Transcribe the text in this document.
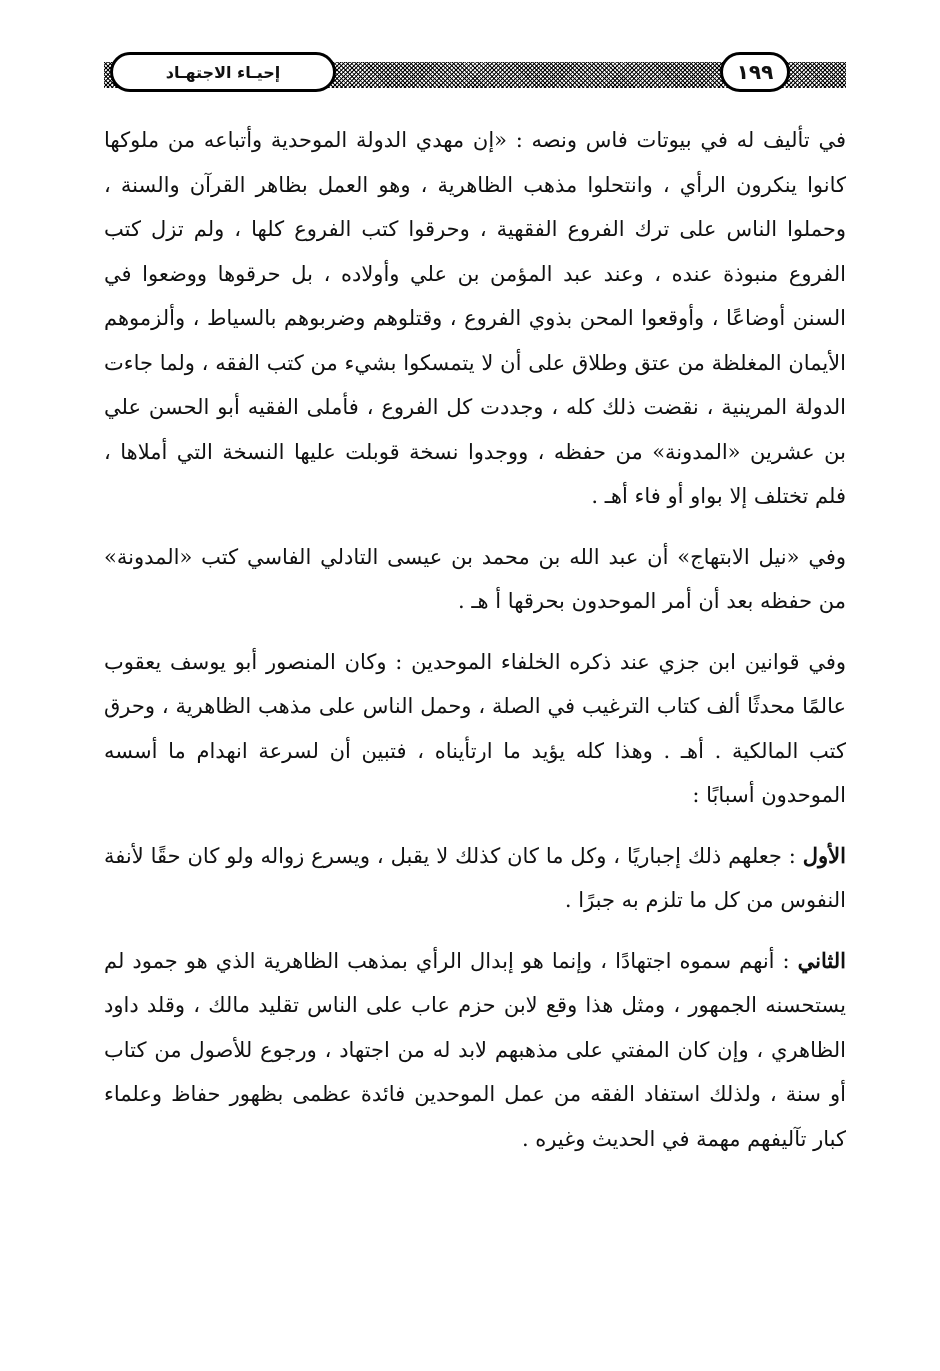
إحيـاء الاجتهـاد	١٩٩

في تأليف له في بيوتات فاس ونصه : «إن مهدي الدولة الموحدية وأتباعه من ملوكها كانوا ينكرون الرأي ، وانتحلوا مذهب الظاهرية ، وهو العمل بظاهر القرآن والسنة ، وحملوا الناس على ترك الفروع الفقهية ، وحرقوا كتب الفروع كلها ، ولم تزل كتب الفروع منبوذة عنده ، وعند عبد المؤمن بن علي وأولاده ، بل حرقوها ووضعوا في السنن أوضاعًا ، وأوقعوا المحن بذوي الفروع ، وقتلوهم وضربوهم بالسياط ، وألزموهم الأيمان المغلظة من عتق وطلاق على أن لا يتمسكوا بشيء من كتب الفقه ، ولما جاءت الدولة المرينية ، نقضت ذلك كله ، وجددت كل الفروع ، فأملى الفقيه أبو الحسن علي بن عشرين «المدونة» من حفظه ، ووجدوا نسخة قوبلت عليها النسخة التي أملاها ، فلم تختلف إلا بواو أو فاء أهـ .

وفي «نيل الابتهاج» أن عبد الله بن محمد بن عيسى التادلي الفاسي كتب «المدونة» من حفظه بعد أن أمر الموحدون بحرقها أ هـ .

وفي قوانين ابن جزي عند ذكره الخلفاء الموحدين : وكان المنصور أبو يوسف يعقوب عالمًا محدثًا ألف كتاب الترغيب في الصلة ، وحمل الناس على مذهب الظاهرية ، وحرق كتب المالكية . أهـ . وهذا كله يؤيد ما ارتأيناه ، فتبين أن لسرعة انهدام ما أسسه الموحدون أسبابًا :

الأول : جعلهم ذلك إجباريًا ، وكل ما كان كذلك لا يقبل ، ويسرع زواله ولو كان حقًا لأنفة النفوس من كل ما تلزم به جبرًا .

الثاني : أنهم سموه اجتهادًا ، وإنما هو إبدال الرأي بمذهب الظاهرية الذي هو جمود لم يستحسنه الجمهور ، ومثل هذا وقع لابن حزم عاب على الناس تقليد مالك ، وقلد داود الظاهري ، وإن كان المفتي على مذهبهم لابد له من اجتهاد ، ورجوع للأصول من كتاب أو سنة ، ولذلك استفاد الفقه من عمل الموحدين فائدة عظمى بظهور حفاظ وعلماء كبار تآليفهم مهمة في الحديث وغيره .
